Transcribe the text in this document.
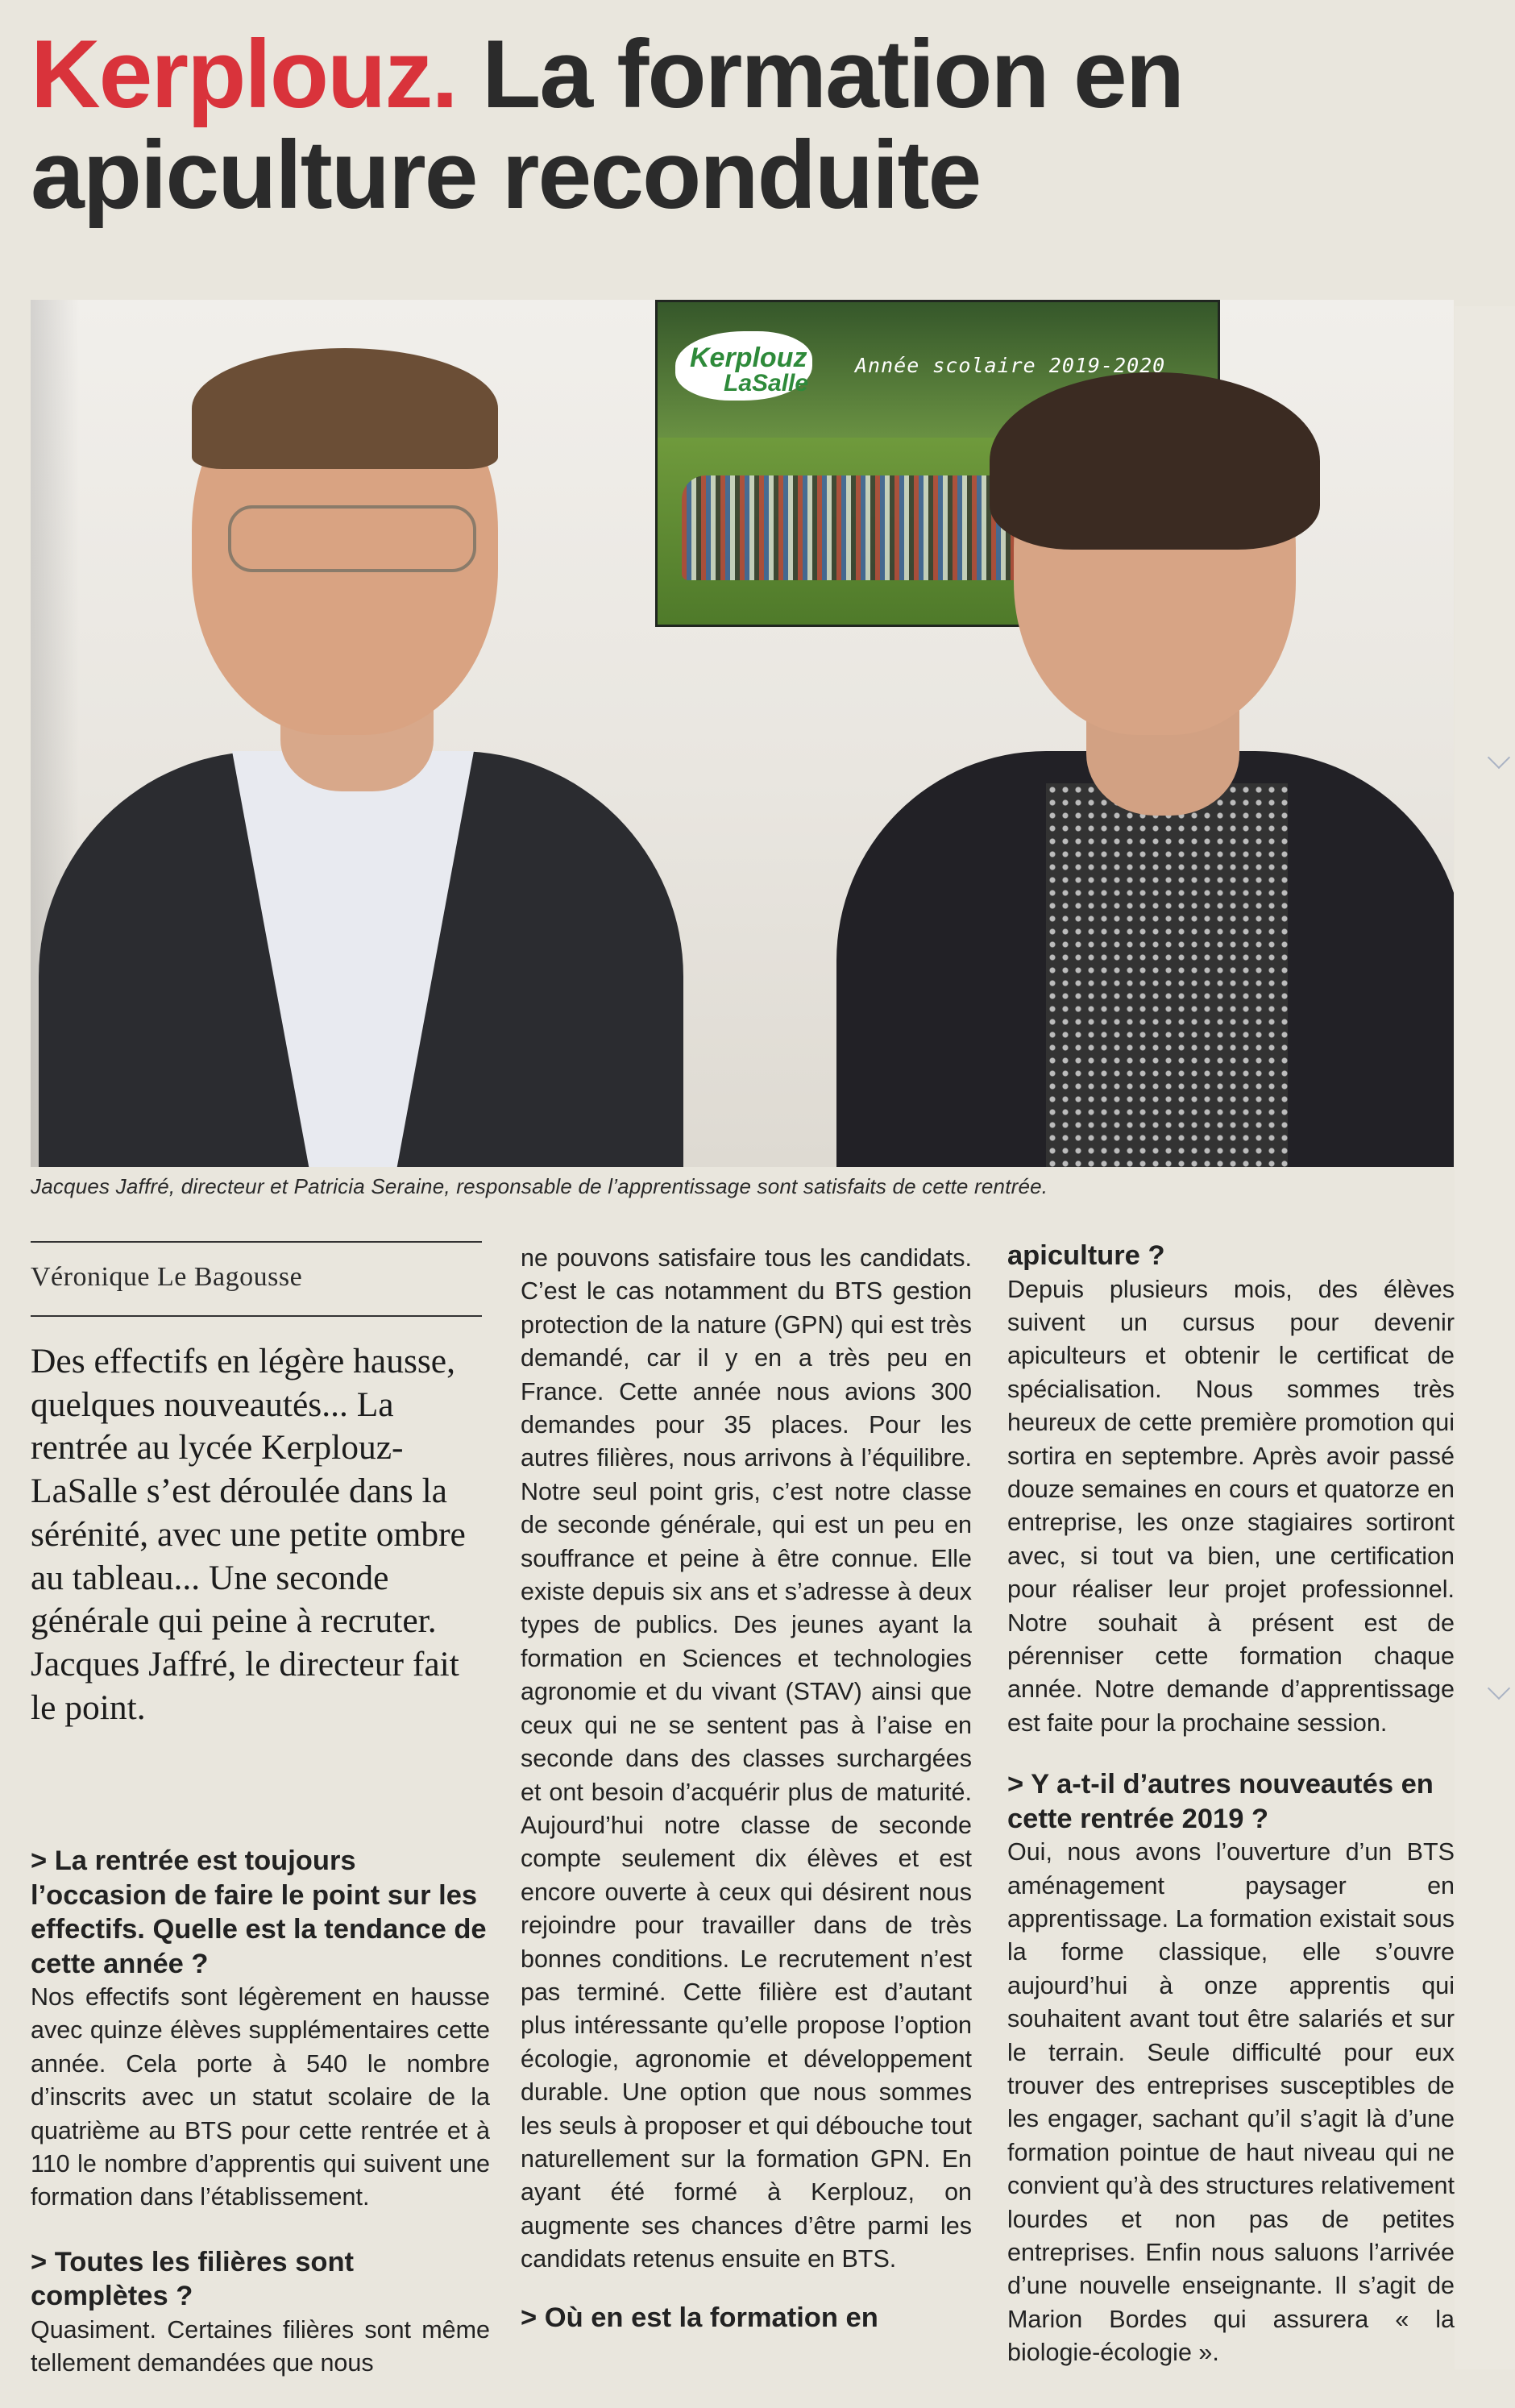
Kerplouz. La formation en apiculture reconduite
Kerplouz
LaSalle
Année scolaire 2019-2020

Jacques Jaffré, directeur et Patricia Seraine, responsable de l’apprentissage sont satisfaits de cette rentrée.

Véronique Le Bagousse

Des effectifs en légère hausse, quelques nouveautés... La rentrée au lycée Kerplouz-LaSalle s’est déroulée dans la sérénité, avec une petite ombre au tableau... Une seconde générale qui peine à recruter. Jacques Jaffré, le directeur fait le point.

> La rentrée est toujours l’occasion de faire le point sur les effectifs. Quelle est la tendance de cette année ?

Nos effectifs sont légèrement en hausse avec quinze élèves supplémentaires cette année. Cela porte à 540 le nombre d’inscrits avec un statut scolaire de la quatrième au BTS pour cette rentrée et à 110 le nombre d’apprentis qui suivent une formation dans l’établissement.

> Toutes les filières sont complètes ?

Quasiment. Certaines filières sont même tellement demandées que nous

ne pouvons satisfaire tous les candidats. C’est le cas notamment du BTS gestion protection de la nature (GPN) qui est très demandé, car il y en a très peu en France. Cette année nous avions 300 demandes pour 35 places. Pour les autres filières, nous arrivons à l’équilibre. Notre seul point gris, c’est notre classe de seconde générale, qui est un peu en souffrance et peine à être connue. Elle existe depuis six ans et s’adresse à deux types de publics. Des jeunes ayant la formation en Sciences et technologies agronomie et du vivant (STAV) ainsi que ceux qui ne se sentent pas à l’aise en seconde dans des classes surchargées et ont besoin d’acquérir plus de maturité. Aujourd’hui notre classe de seconde compte seulement dix élèves et est encore ouverte à ceux qui désirent nous rejoindre pour travailler dans de très bonnes conditions. Le recrutement n’est pas terminé. Cette filière est d’autant plus intéressante qu’elle propose l’option écologie, agronomie et développement durable. Une option que nous sommes les seuls à proposer et qui débouche tout naturellement sur la formation GPN. En ayant été formé à Kerplouz, on augmente ses chances d’être parmi les candidats retenus ensuite en BTS.

> Où en est la formation en

apiculture ?

Depuis plusieurs mois, des élèves suivent un cursus pour devenir apiculteurs et obtenir le certificat de spécialisation. Nous sommes très heureux de cette première promotion qui sortira en septembre. Après avoir passé douze semaines en cours et quatorze en entreprise, les onze stagiaires sortiront avec, si tout va bien, une certification pour réaliser leur projet professionnel. Notre souhait à présent est de pérenniser cette formation chaque année. Notre demande d’apprentissage est faite pour la prochaine session.

> Y a-t-il d’autres nouveautés en cette rentrée 2019 ?

Oui, nous avons l’ouverture d’un BTS aménagement paysager en apprentissage. La formation existait sous la forme classique, elle s’ouvre aujourd’hui à onze apprentis qui souhaitent avant tout être salariés et sur le terrain. Seule difficulté pour eux trouver des entreprises susceptibles de les engager, sachant qu’il s’agit là d’une formation pointue de haut niveau qui ne convient qu’à des structures relativement lourdes et non pas de petites entreprises. Enfin nous saluons l’arrivée d’une nouvelle enseignante. Il s’agit de Marion Bordes qui assurera « la biologie-écologie ».
